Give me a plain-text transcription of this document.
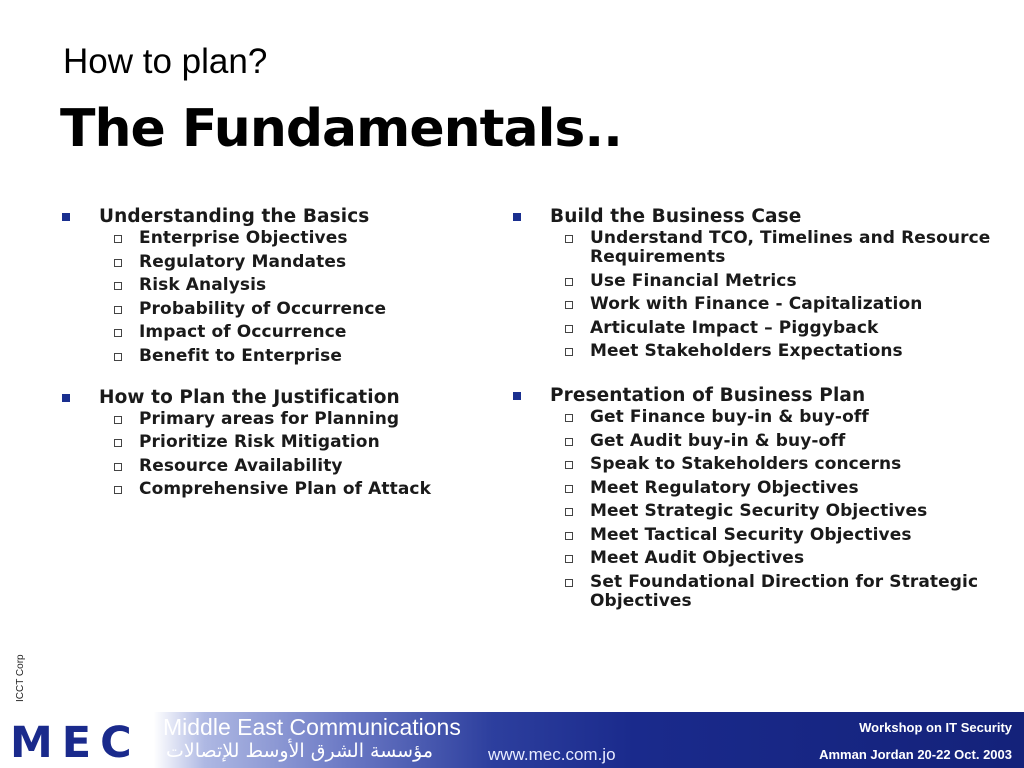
How to plan?
The Fundamentals..
Understanding the Basics
Enterprise Objectives
Regulatory Mandates
Risk Analysis
Probability of Occurrence
Impact of Occurrence
Benefit to Enterprise
How to Plan the Justification
Primary areas for Planning
Prioritize Risk Mitigation
Resource Availability
Comprehensive Plan of Attack
Build the Business Case
Understand TCO, Timelines and Resource Requirements
Use Financial Metrics
Work with Finance - Capitalization
Articulate Impact – Piggyback
Meet Stakeholders Expectations
Presentation of Business Plan
Get Finance buy-in & buy-off
Get Audit buy-in & buy-off
Speak to Stakeholders concerns
Meet Regulatory Objectives
Meet Strategic Security Objectives
Meet Tactical Security Objectives
Meet Audit Objectives
Set Foundational Direction for Strategic Objectives
ICCT Corp
MEC Middle East Communications
مؤسسة الشرق الأوسط للإتصالات	www.mec.com.jo
Workshop on IT Security
Amman Jordan 20-22 Oct. 2003
